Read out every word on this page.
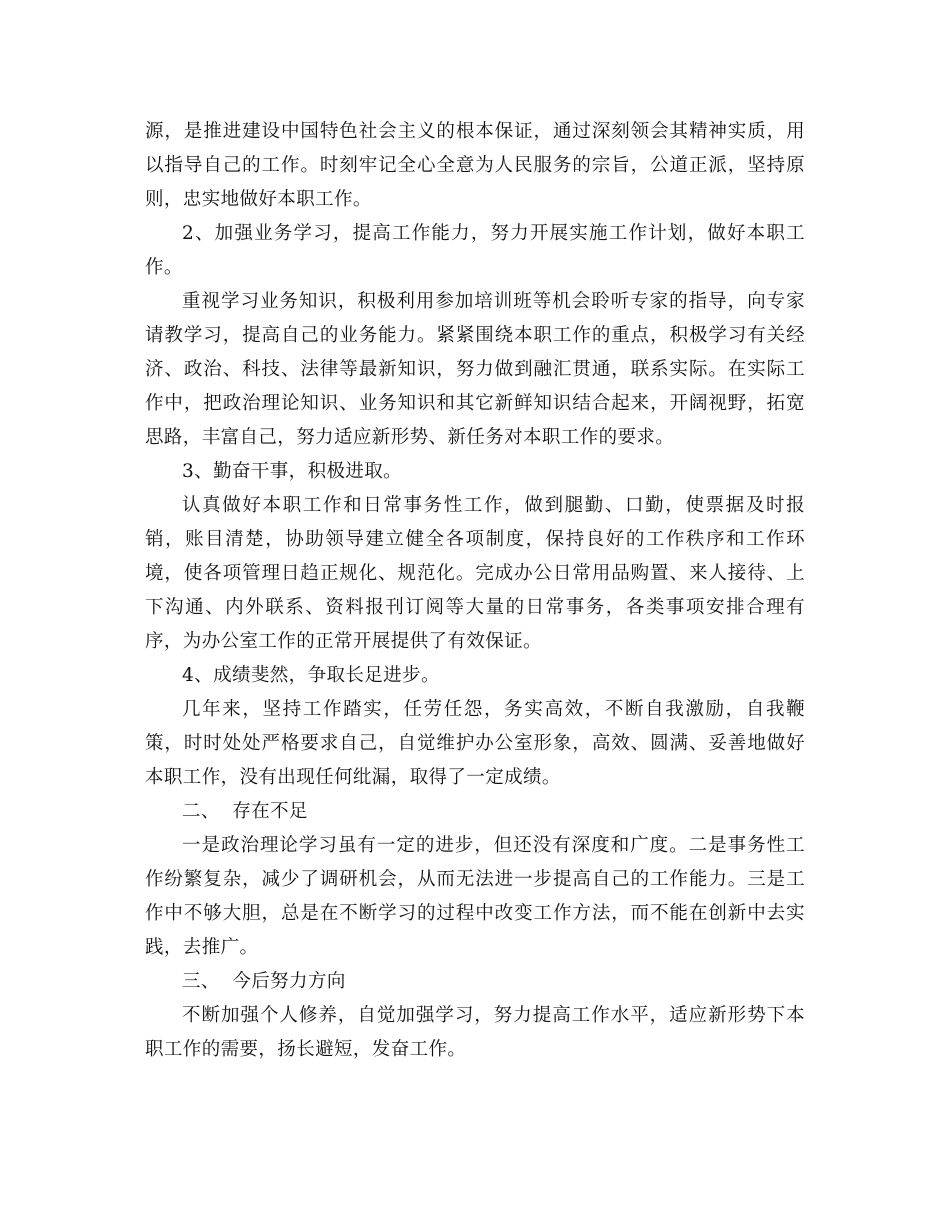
源，是推进建设中国特色社会主义的根本保证，通过深刻领会其精神实质，用以指导自己的工作。时刻牢记全心全意为人民服务的宗旨，公道正派，坚持原则，忠实地做好本职工作。

2、加强业务学习，提高工作能力，努力开展实施工作计划，做好本职工作。

重视学习业务知识，积极利用参加培训班等机会聆听专家的指导，向专家请教学习，提高自己的业务能力。紧紧围绕本职工作的重点，积极学习有关经济、政治、科技、法律等最新知识，努力做到融汇贯通，联系实际。在实际工作中，把政治理论知识、业务知识和其它新鲜知识结合起来，开阔视野，拓宽思路，丰富自己，努力适应新形势、新任务对本职工作的要求。

3、勤奋干事，积极进取。

认真做好本职工作和日常事务性工作，做到腿勤、口勤，使票据及时报销，账目清楚，协助领导建立健全各项制度，保持良好的工作秩序和工作环境，使各项管理日趋正规化、规范化。完成办公日常用品购置、来人接待、上下沟通、内外联系、资料报刊订阅等大量的日常事务，各类事项安排合理有序，为办公室工作的正常开展提供了有效保证。

4、成绩斐然，争取长足进步。

几年来，坚持工作踏实，任劳任怨，务实高效，不断自我激励，自我鞭策，时时处处严格要求自己，自觉维护办公室形象，高效、圆满、妥善地做好本职工作，没有出现任何纰漏，取得了一定成绩。

二、  存在不足

一是政治理论学习虽有一定的进步，但还没有深度和广度。二是事务性工作纷繁复杂，减少了调研机会，从而无法进一步提高自己的工作能力。三是工作中不够大胆，总是在不断学习的过程中改变工作方法，而不能在创新中去实践，去推广。

三、  今后努力方向

不断加强个人修养，自觉加强学习，努力提高工作水平，适应新形势下本职工作的需要，扬长避短，发奋工作。
